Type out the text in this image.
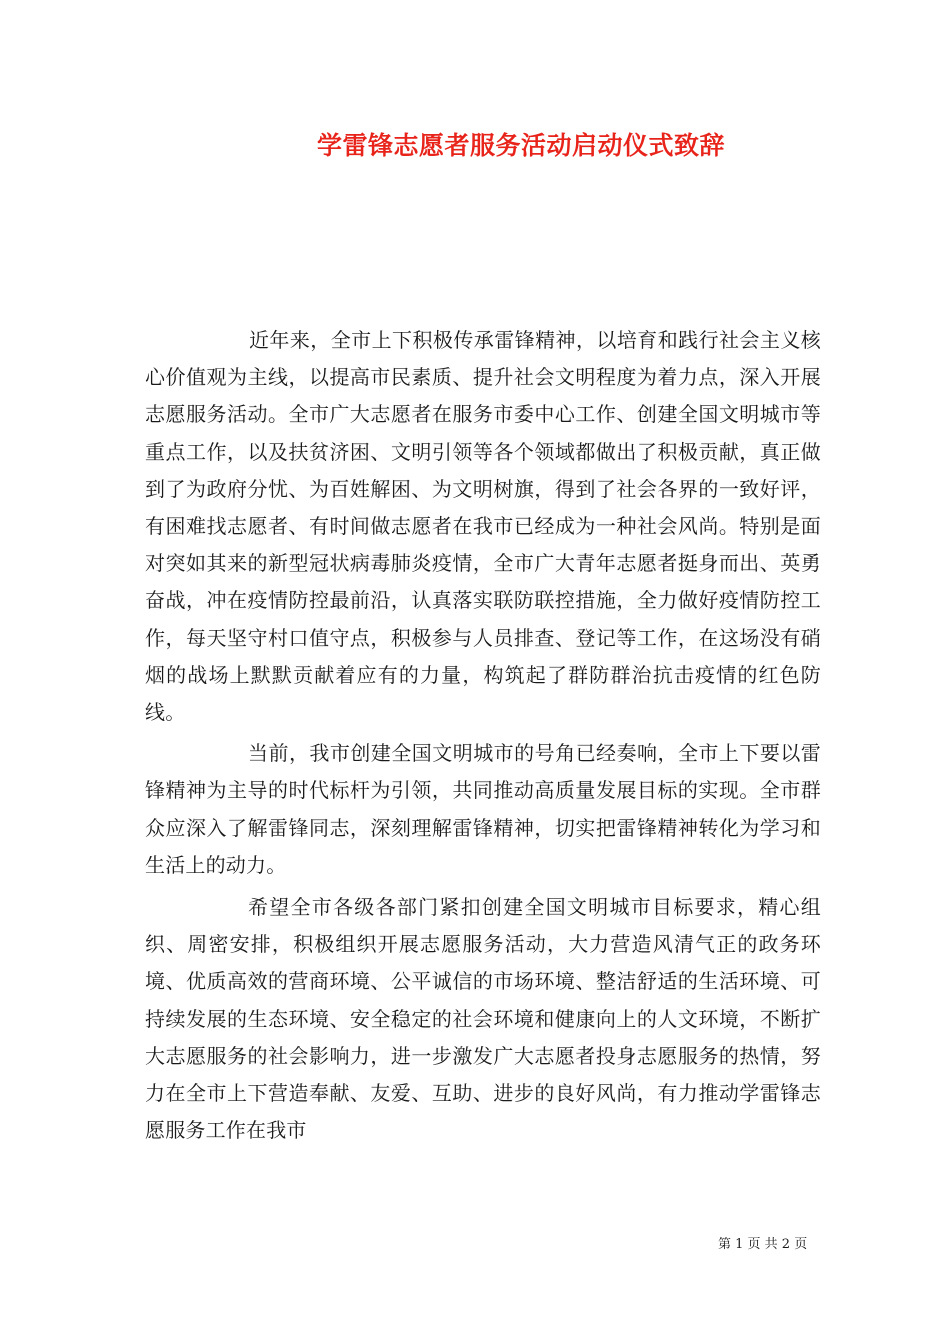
学雷锋志愿者服务活动启动仪式致辞

近年来，全市上下积极传承雷锋精神，以培育和践行社会主义核心价值观为主线，以提高市民素质、提升社会文明程度为着力点，深入开展志愿服务活动。全市广大志愿者在服务市委中心工作、创建全国文明城市等重点工作，以及扶贫济困、文明引领等各个领域都做出了积极贡献，真正做到了为政府分忧、为百姓解困、为文明树旗，得到了社会各界的一致好评，有困难找志愿者、有时间做志愿者在我市已经成为一种社会风尚。特别是面对突如其来的新型冠状病毒肺炎疫情，全市广大青年志愿者挺身而出、英勇奋战，冲在疫情防控最前沿，认真落实联防联控措施，全力做好疫情防控工作，每天坚守村口值守点，积极参与人员排查、登记等工作，在这场没有硝烟的战场上默默贡献着应有的力量，构筑起了群防群治抗击疫情的红色防线。

当前，我市创建全国文明城市的号角已经奏响，全市上下要以雷锋精神为主导的时代标杆为引领，共同推动高质量发展目标的实现。全市群众应深入了解雷锋同志，深刻理解雷锋精神，切实把雷锋精神转化为学习和生活上的动力。

希望全市各级各部门紧扣创建全国文明城市目标要求，精心组织、周密安排，积极组织开展志愿服务活动，大力营造风清气正的政务环境、优质高效的营商环境、公平诚信的市场环境、整洁舒适的生活环境、可持续发展的生态环境、安全稳定的社会环境和健康向上的人文环境，不断扩大志愿服务的社会影响力，进一步激发广大志愿者投身志愿服务的热情，努力在全市上下营造奉献、友爱、互助、进步的良好风尚，有力推动学雷锋志愿服务工作在我市

第 1 页 共 2 页
